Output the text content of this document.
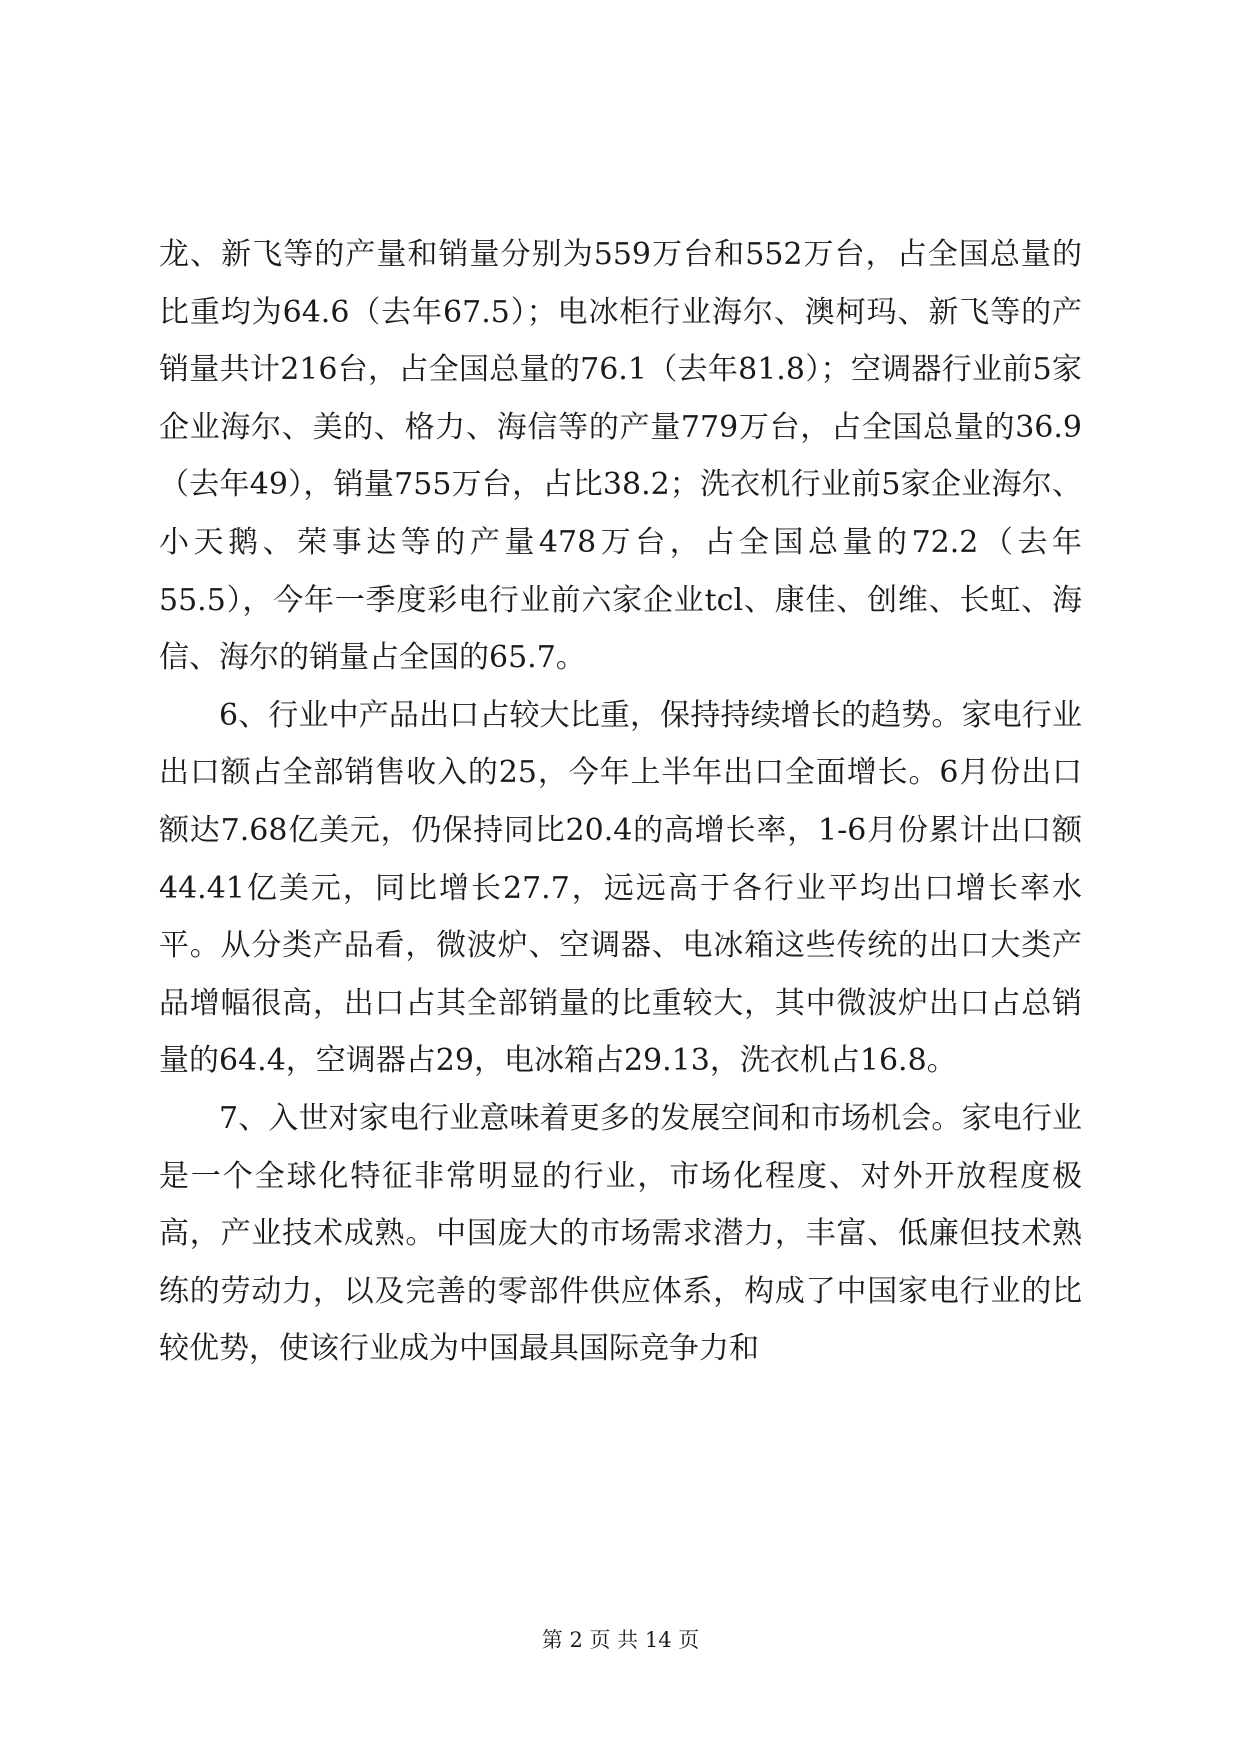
龙、新飞等的产量和销量分别为559万台和552万台，占全国总量的比重均为64.6（去年67.5）；电冰柜行业海尔、澳柯玛、新飞等的产销量共计216台，占全国总量的76.1（去年81.8）；空调器行业前5家企业海尔、美的、格力、海信等的产量779万台，占全国总量的36.9（去年49），销量755万台，占比38.2；洗衣机行业前5家企业海尔、小天鹅、荣事达等的产量478万台，占全国总量的72.2（去年55.5），今年一季度彩电行业前六家企业tcl、康佳、创维、长虹、海信、海尔的销量占全国的65.7。

6、行业中产品出口占较大比重，保持持续增长的趋势。家电行业出口额占全部销售收入的25，今年上半年出口全面增长。6月份出口额达7.68亿美元，仍保持同比20.4的高增长率，1-6月份累计出口额44.41亿美元，同比增长27.7，远远高于各行业平均出口增长率水平。从分类产品看，微波炉、空调器、电冰箱这些传统的出口大类产品增幅很高，出口占其全部销量的比重较大，其中微波炉出口占总销量的64.4，空调器占29，电冰箱占29.13，洗衣机占16.8。

7、入世对家电行业意味着更多的发展空间和市场机会。家电行业是一个全球化特征非常明显的行业，市场化程度、对外开放程度极高，产业技术成熟。中国庞大的市场需求潜力，丰富、低廉但技术熟练的劳动力，以及完善的零部件供应体系，构成了中国家电行业的比较优势，使该行业成为中国最具国际竞争力和

第 2 页 共 14 页
